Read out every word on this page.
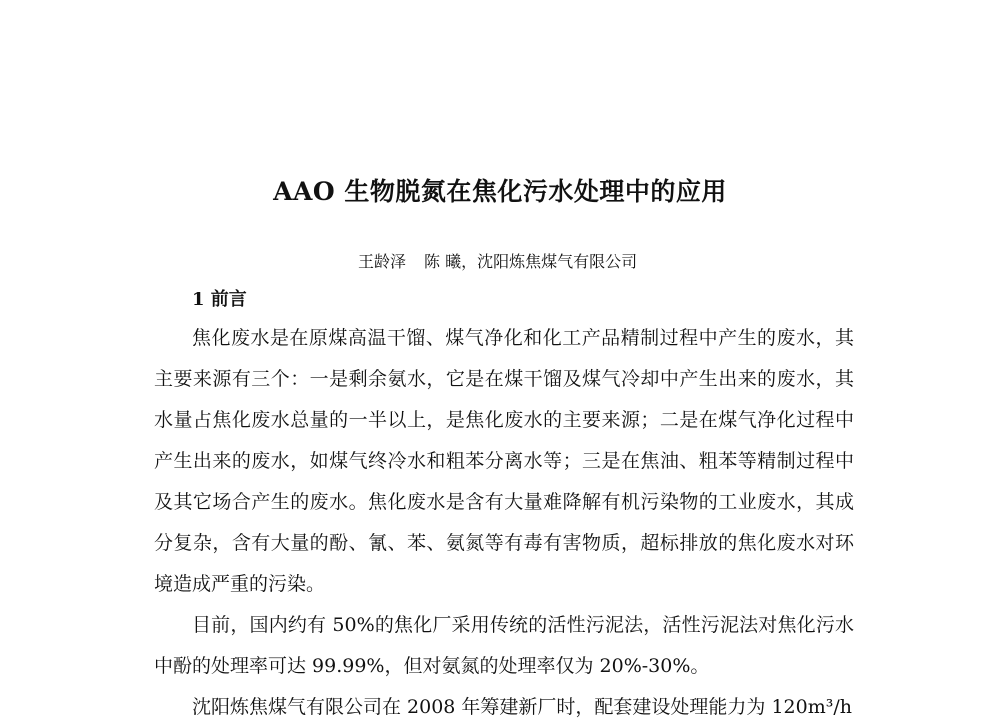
AAO 生物脱氮在焦化污水处理中的应用
王龄泽 陈 曦，沈阳炼焦煤气有限公司
1 前言

焦化废水是在原煤高温干馏、煤气净化和化工产品精制过程中产生的废水，其主要来源有三个：一是剩余氨水，它是在煤干馏及煤气冷却中产生出来的废水，其水量占焦化废水总量的一半以上，是焦化废水的主要来源；二是在煤气净化过程中产生出来的废水，如煤气终冷水和粗苯分离水等；三是在焦油、粗苯等精制过程中及其它场合产生的废水。焦化废水是含有大量难降解有机污染物的工业废水，其成分复杂，含有大量的酚、氰、苯、氨氮等有毒有害物质，超标排放的焦化废水对环境造成严重的污染。

目前，国内约有 50%的焦化厂采用传统的活性污泥法，活性污泥法对焦化污水中酚的处理率可达 99.99%，但对氨氮的处理率仅为 20%-30%。

沈阳炼焦煤气有限公司在 2008 年筹建新厂时，配套建设处理能力为 120m³/h
